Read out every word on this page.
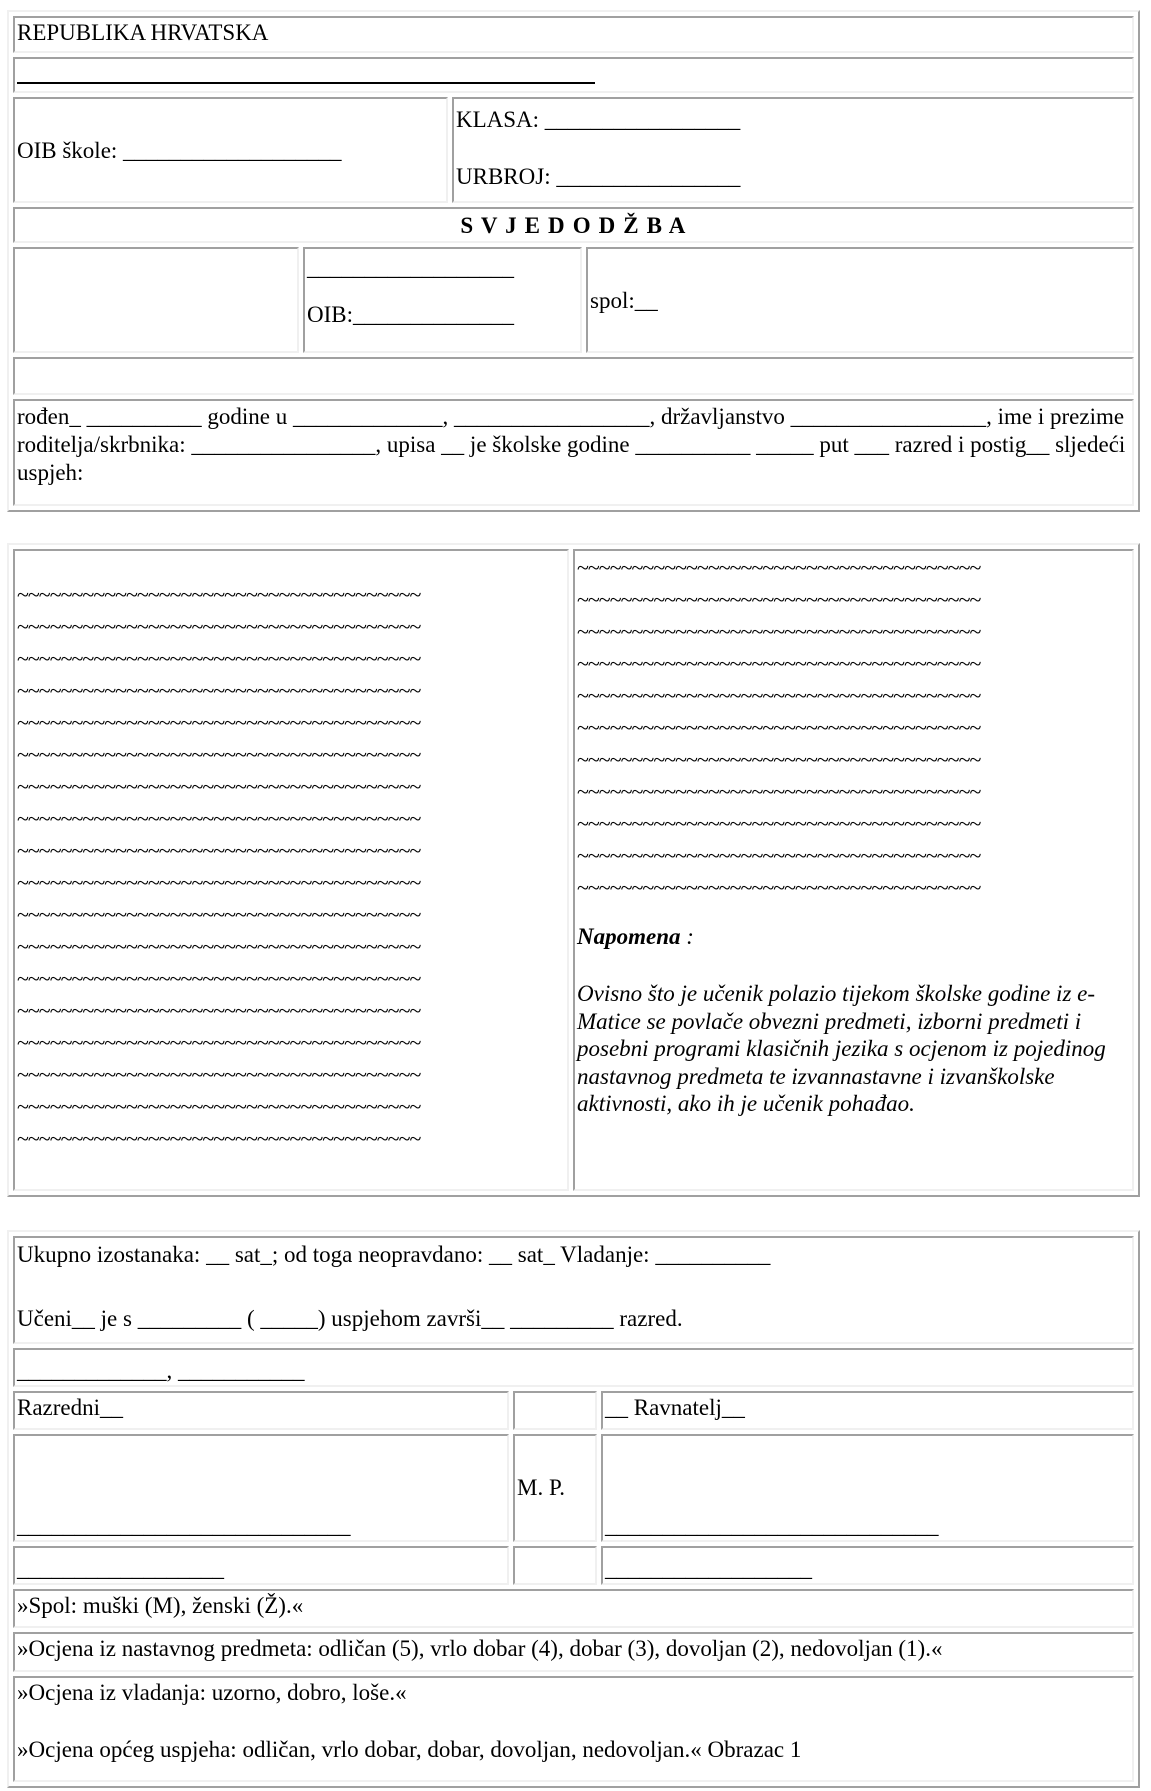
REPUBLIKA HRVATSKA			

OIB škole: ___________________		KLASA: _________________
URBROJ: ________________	

S V J E D O D Ž B A			

	__________________
OIB:______________		spol:__

rođen_ __________ godine u _____________, _________________, državljanstvo _________________, ime i prezime roditelja/skrbnika: ________________, upisa __ je školske godine __________ _____ put ___ razred i postig__ sljedeći uspjeh:			
~~~~~~~~~~~~~~~~~~~~~~~~~~~~~~~~~~~~~
~~~~~~~~~~~~~~~~~~~~~~~~~~~~~~~~~~~~~
~~~~~~~~~~~~~~~~~~~~~~~~~~~~~~~~~~~~~
~~~~~~~~~~~~~~~~~~~~~~~~~~~~~~~~~~~~~
~~~~~~~~~~~~~~~~~~~~~~~~~~~~~~~~~~~~~
~~~~~~~~~~~~~~~~~~~~~~~~~~~~~~~~~~~~~
~~~~~~~~~~~~~~~~~~~~~~~~~~~~~~~~~~~~~
~~~~~~~~~~~~~~~~~~~~~~~~~~~~~~~~~~~~~
~~~~~~~~~~~~~~~~~~~~~~~~~~~~~~~~~~~~~
~~~~~~~~~~~~~~~~~~~~~~~~~~~~~~~~~~~~~
~~~~~~~~~~~~~~~~~~~~~~~~~~~~~~~~~~~~~
~~~~~~~~~~~~~~~~~~~~~~~~~~~~~~~~~~~~~
~~~~~~~~~~~~~~~~~~~~~~~~~~~~~~~~~~~~~
~~~~~~~~~~~~~~~~~~~~~~~~~~~~~~~~~~~~~
~~~~~~~~~~~~~~~~~~~~~~~~~~~~~~~~~~~~~
~~~~~~~~~~~~~~~~~~~~~~~~~~~~~~~~~~~~~
~~~~~~~~~~~~~~~~~~~~~~~~~~~~~~~~~~~~~
~~~~~~~~~~~~~~~~~~~~~~~~~~~~~~~~~~~~~

~~~~~~~~~~~~~~~~~~~~~~~~~~~~~~~~~~~~~
~~~~~~~~~~~~~~~~~~~~~~~~~~~~~~~~~~~~~
~~~~~~~~~~~~~~~~~~~~~~~~~~~~~~~~~~~~~
~~~~~~~~~~~~~~~~~~~~~~~~~~~~~~~~~~~~~
~~~~~~~~~~~~~~~~~~~~~~~~~~~~~~~~~~~~~
~~~~~~~~~~~~~~~~~~~~~~~~~~~~~~~~~~~~~
~~~~~~~~~~~~~~~~~~~~~~~~~~~~~~~~~~~~~
~~~~~~~~~~~~~~~~~~~~~~~~~~~~~~~~~~~~~
~~~~~~~~~~~~~~~~~~~~~~~~~~~~~~~~~~~~~
~~~~~~~~~~~~~~~~~~~~~~~~~~~~~~~~~~~~~
~~~~~~~~~~~~~~~~~~~~~~~~~~~~~~~~~~~~~
Napomena :
Ovisno što je učenik polazio tijekom školske godine iz e-Matice se povlače obvezni predmeti, izborni predmeti i posebni programi klasičnih jezika s ocjenom iz pojedinog nastavnog predmeta te izvannastavne i izvanškolske aktivnosti, ako ih je učenik pohađao.
Ukupno izostanaka: __ sat_; od toga neopravdano: __ sat_ Vladanje: __________
Učeni__ je s _________ ( _____) uspjehom završi__ _________ razred.		

_____________, ___________		
Razredni__		__ Ravnatelj__
_____________________________	M. P.	_____________________________
__________________		__________________
»Spol: muški (M), ženski (Ž).«		
»Ocjena iz nastavnog predmeta: odličan (5), vrlo dobar (4), dobar (3), dovoljan (2), nedovoljan (1).«		

»Ocjena iz vladanja: uzorno, dobro, loše.«
»Ocjena općeg uspjeha: odličan, vrlo dobar, dobar, dovoljan, nedovoljan.« Obrazac 1		
